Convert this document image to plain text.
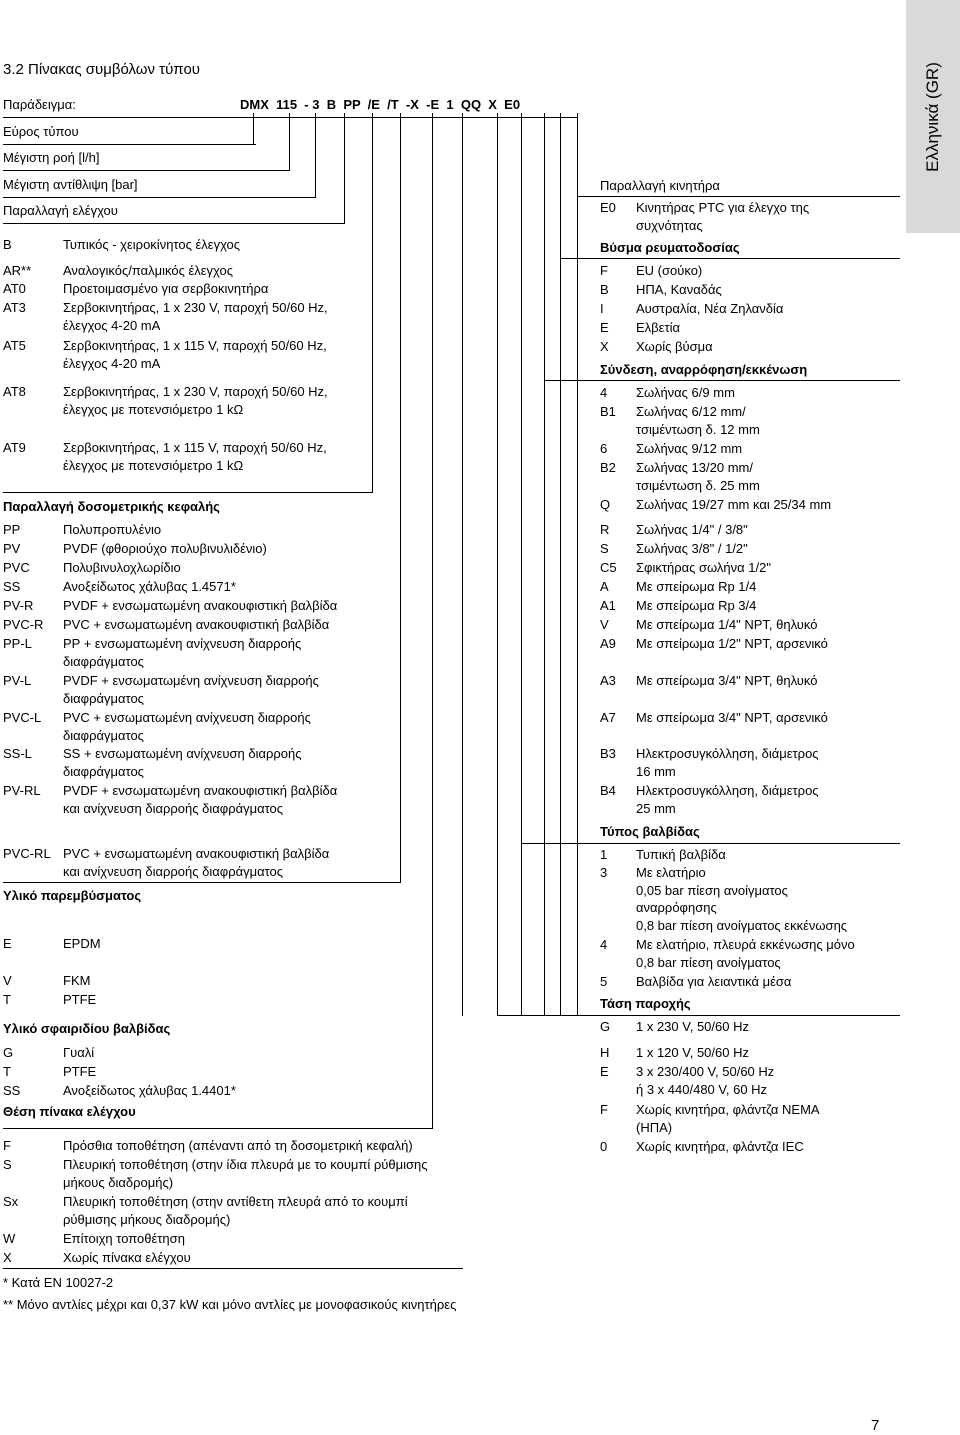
Ελληνικά (GR)
3.2 Πίνακας συμβόλων τύπου
Παράδειγμα:	DMX  115  - 3  B  PP  /E  /T  -X  -E  1  QQ  X  E0
Εύρος τύπου
Μέγιστη ροή [l/h]
Μέγιστη αντίθλιψη [bar]
Παραλλαγή ελέγχου
B	Τυπικός - χειροκίνητος έλεγχος
AR** Αναλογικός/παλμικός έλεγχος
AT0	Προετοιμασμένο για σερβοκινητήρα
AT3	Σερβοκινητήρας, 1 x 230 V, παροχή 50/60 Hz,
έλεγχος 4-20 mA
AT5	Σερβοκινητήρας, 1 x 115 V, παροχή 50/60 Hz,
έλεγχος 4-20 mA
AT8	Σερβοκινητήρας, 1 x 230 V, παροχή 50/60 Hz,
έλεγχος με ποτενσιόμετρο 1 kΩ
AT9	Σερβοκινητήρας, 1 x 115 V, παροχή 50/60 Hz,
έλεγχος με ποτενσιόμετρο 1 kΩ
Παραλλαγή δοσομετρικής κεφαλής
PP	Πολυπροπυλένιο
PV	PVDF (φθοριούχο πολυβινυλιδένιο)
PVC	Πολυβινυλοχλωρίδιο
SS	Ανοξείδωτος χάλυβας 1.4571*
PV-R PVDF + ενσωματωμένη ανακουφιστική βαλβίδα
PVC-R PVC + ενσωματωμένη ανακουφιστική βαλβίδα
PP-L PP + ενσωματωμένη ανίχνευση διαρροής
διαφράγματος
PV-L PVDF + ενσωματωμένη ανίχνευση διαρροής
διαφράγματος
PVC-L PVC + ενσωματωμένη ανίχνευση διαρροής
διαφράγματος
SS-L SS + ενσωματωμένη ανίχνευση διαρροής
διαφράγματος
PV-RL PVDF + ενσωματωμένη ανακουφιστική βαλβίδα
και ανίχνευση διαρροής διαφράγματος
PVC-RL PVC + ενσωματωμένη ανακουφιστική βαλβίδα
και ανίχνευση διαρροής διαφράγματος
Υλικό παρεμβύσματος
E	EPDM
V	FKM
T	PTFE
Υλικό σφαιριδίου βαλβίδας
G	Γυαλί
T	PTFE
SS	Ανοξείδωτος χάλυβας 1.4401*
Θέση πίνακα ελέγχου
F	Πρόσθια τοποθέτηση (απέναντι από τη δοσομετρική κεφαλή)
S	Πλευρική τοποθέτηση (στην ίδια πλευρά με το κουμπί ρύθμισης
μήκους διαδρομής)
Sx	Πλευρική τοποθέτηση (στην αντίθετη πλευρά από το κουμπί
ρύθμισης μήκους διαδρομής)
W	Επίτοιχη τοποθέτηση
X	Χωρίς πίνακα ελέγχου
* Κατά EN 10027-2
** Μόνο αντλίες μέχρι και 0,37 kW και μόνο αντλίες με μονοφασικούς κινητήρες
Παραλλαγή κινητήρα
E0 Κινητήρας PTC για έλεγχο της
συχνότητας
Βύσμα ρευματοδοσίας
F EU (σούκο)
B ΗΠΑ, Καναδάς
I Αυστραλία, Νέα Ζηλανδία
E Ελβετία
X Χωρίς βύσμα
Σύνδεση, αναρρόφηση/εκκένωση
4 Σωλήνας 6/9 mm
B1 Σωλήνας 6/12 mm/
τσιμέντωση δ. 12 mm
6 Σωλήνας 9/12 mm
B2 Σωλήνας 13/20 mm/
τσιμέντωση δ. 25 mm
Q Σωλήνας 19/27 mm και 25/34 mm
R Σωλήνας 1/4" / 3/8"
S Σωλήνας 3/8" / 1/2"
C5 Σφικτήρας σωλήνα 1/2"
A Με σπείρωμα Rp 1/4
A1 Με σπείρωμα Rp 3/4
V Με σπείρωμα 1/4" NPT, θηλυκό
A9 Με σπείρωμα 1/2" NPT, αρσενικό
A3 Με σπείρωμα 3/4" NPT, θηλυκό
A7 Με σπείρωμα 3/4" NPT, αρσενικό
B3 Ηλεκτροσυγκόλληση, διάμετρος
16 mm
B4 Ηλεκτροσυγκόλληση, διάμετρος
25 mm
Τύπος βαλβίδας
1 Τυπική βαλβίδα
3 Με ελατήριο
0,05 bar πίεση ανοίγματος
αναρρόφησης
0,8 bar πίεση ανοίγματος εκκένωσης
4 Με ελατήριο, πλευρά εκκένωσης μόνο
0,8 bar πίεση ανοίγματος
5 Βαλβίδα για λειαντικά μέσα
Τάση παροχής
G 1 x 230 V, 50/60 Hz
H 1 x 120 V, 50/60 Hz
E 3 x 230/400 V, 50/60 Hz
ή 3 x 440/480 V, 60 Hz
F Χωρίς κινητήρα, φλάντζα NEMA
(ΗΠΑ)
0 Χωρίς κινητήρα, φλάντζα IEC
7
